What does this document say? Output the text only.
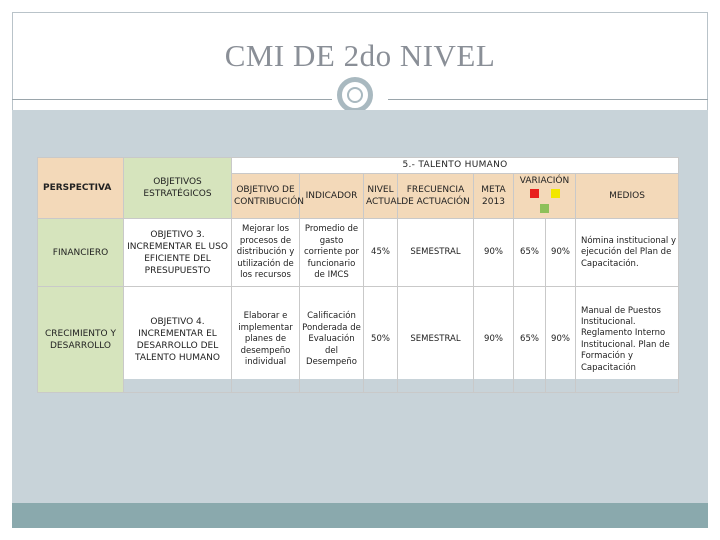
CMI DE 2do NIVEL
PERSPECTIVA	OBJETIVOS ESTRATÉGICOS	5.- TALENTO HUMANO							
		OBJETIVO DE CONTRIBUCIÓN	INDICADOR	NIVEL ACTUAL	FRECUENCIA DE ACTUACIÓN	META 2013	VARIACIÓN		MEDIOS
FINANCIERO	OBJETIVO 3. INCREMENTAR EL USO EFICIENTE DEL PRESUPUESTO	Mejorar los procesos de distribución y utilización de los recursos	Promedio de gasto corriente por funcionario de IMCS	45%	SEMESTRAL	90%	65%	90%	Nómina institucional y ejecución del Plan de Capacitación.
CRECIMIENTO Y DESARROLLO	OBJETIVO 4. INCREMENTAR EL DESARROLLO DEL TALENTO HUMANO	Elaborar e implementar planes de desempeño individual	Calificación Ponderada de Evaluación del Desempeño	50%	SEMESTRAL	90%	65%	90%	Manual de Puestos Institucional. Reglamento Interno Institucional. Plan de Formación y Capacitación
